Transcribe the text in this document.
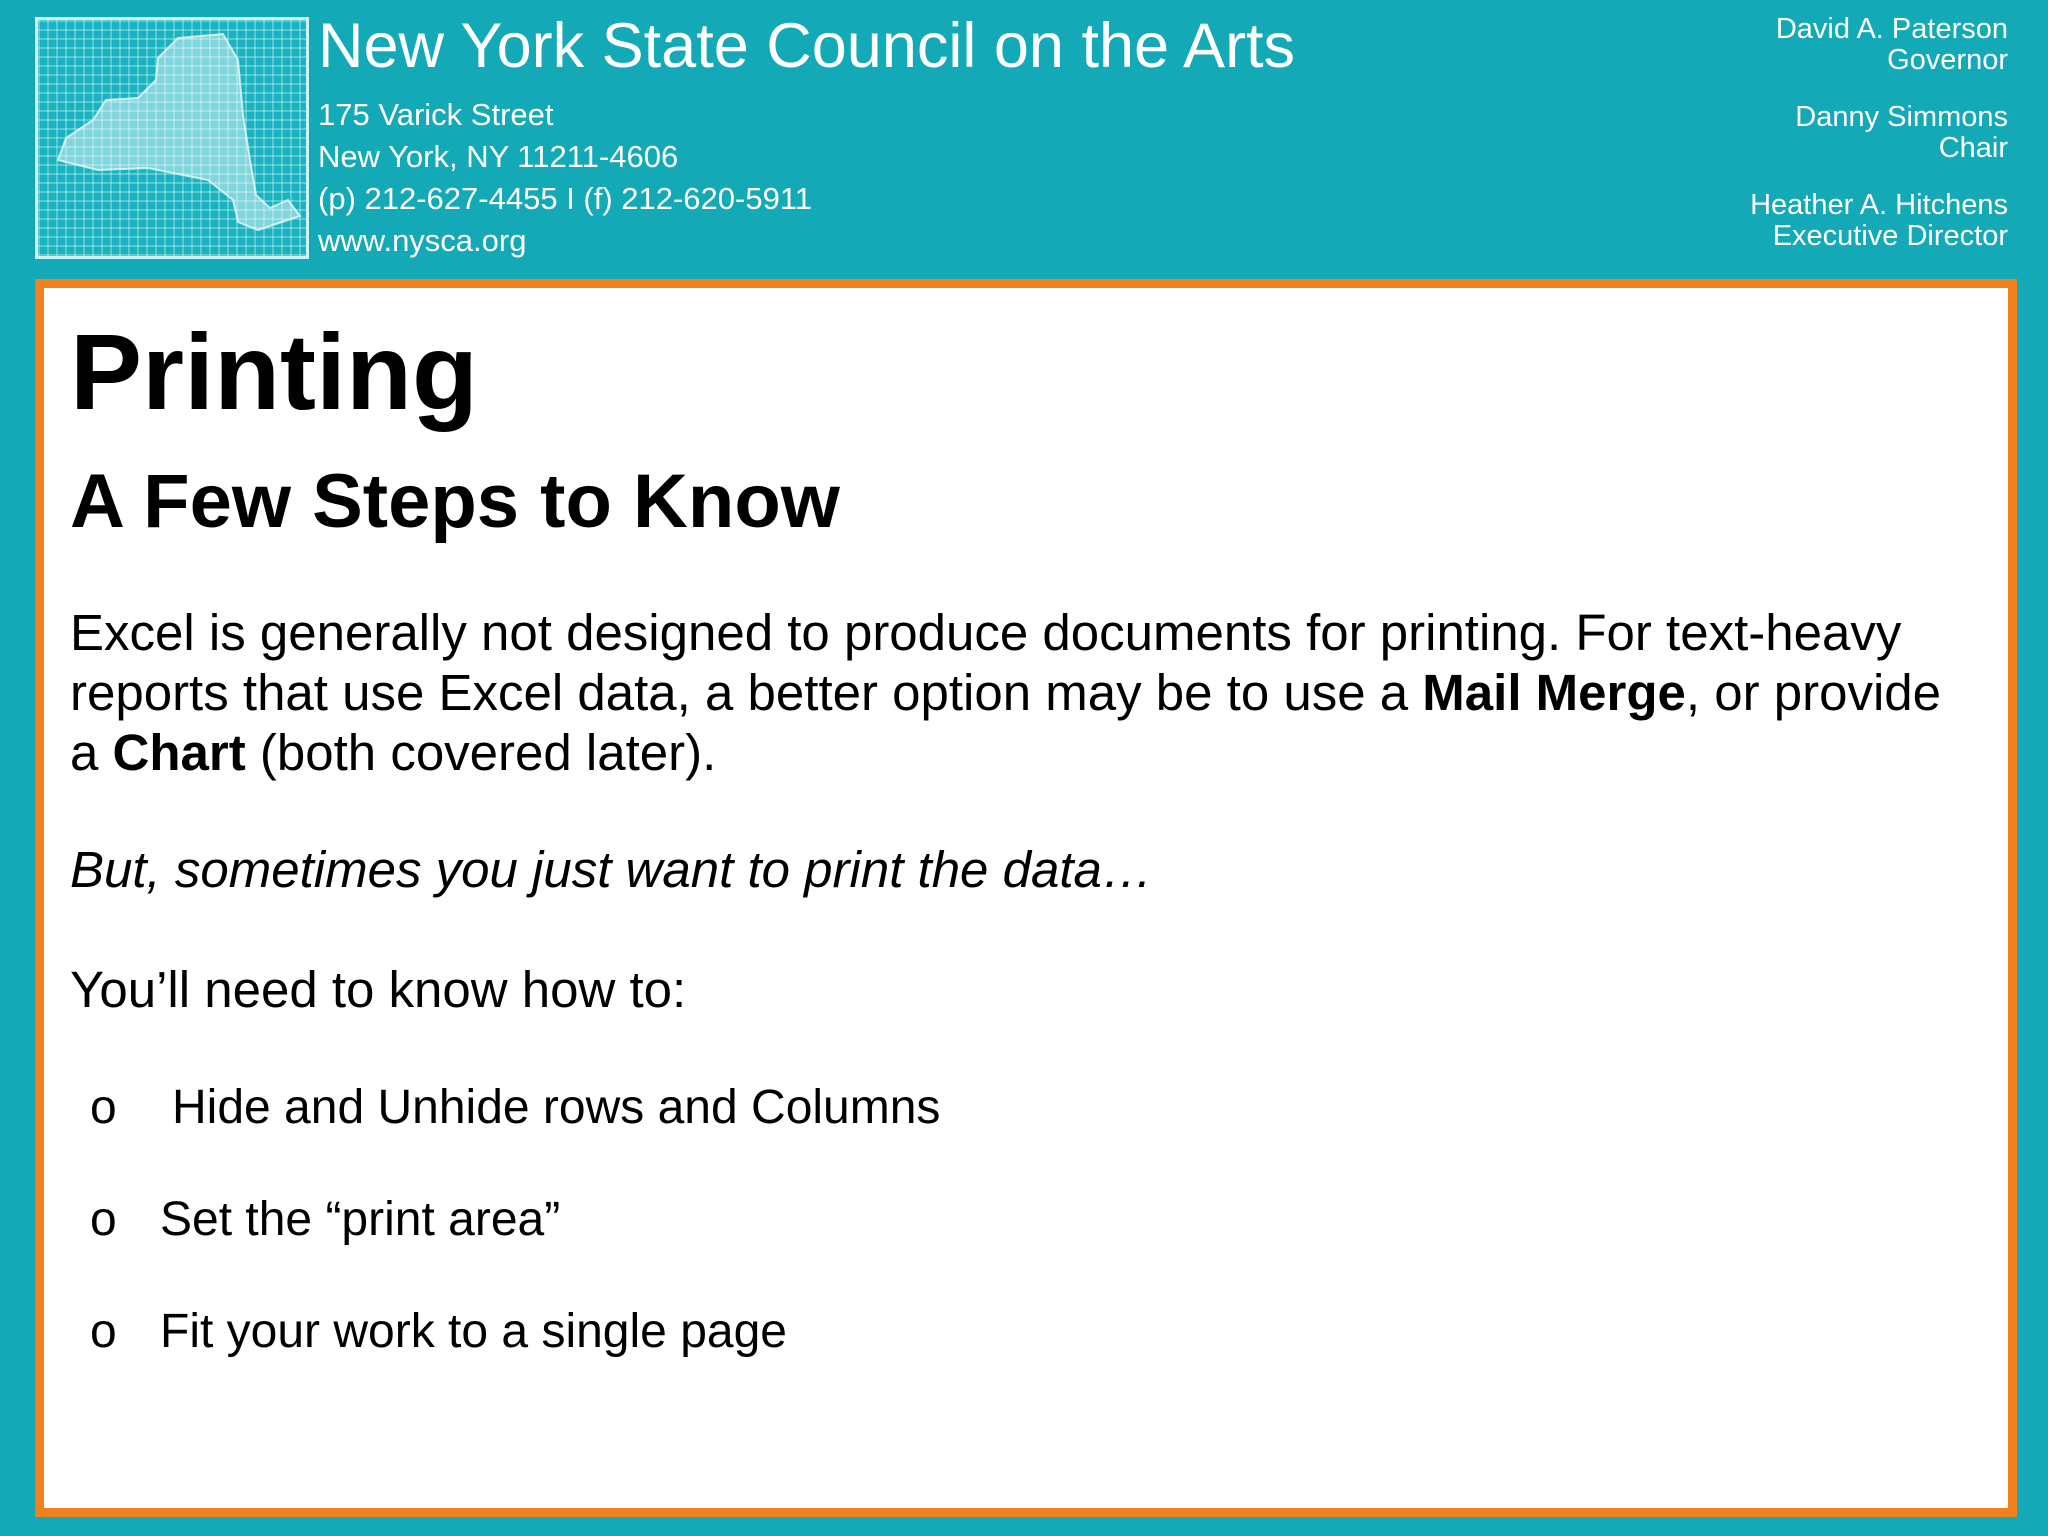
New York State Council on the Arts
175 Varick Street
New York, NY 11211-4606
(p) 212-627-4455 I (f) 212-620-5911
www.nysca.org
David A. Paterson
Governor
Danny Simmons
Chair
Heather A. Hitchens
Executive Director
Printing
A Few Steps to Know
Excel is generally not designed to produce documents for printing. For text-heavy reports that use Excel data, a better option may be to use a Mail Merge, or provide a Chart (both covered later).
But, sometimes you just want to print the data…
You’ll need to know how to:
o Hide and Unhide rows and Columns
o Set the “print area”
o Fit your work to a single page
